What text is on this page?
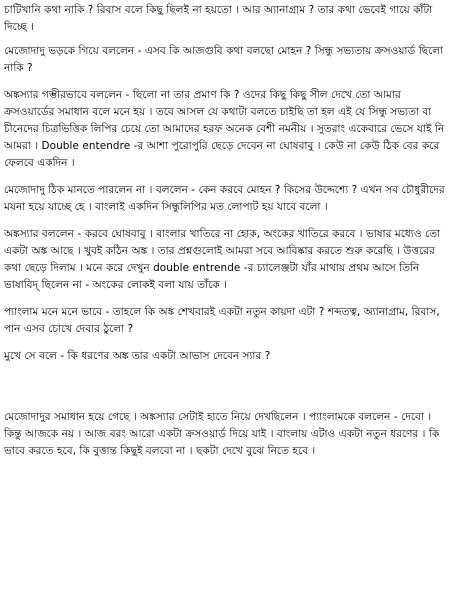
চাটিখানি কথা নাকি ? রিবাস বলে কিছু ছিলই না হয়তো । আর অ্যানাগ্রাম ? তার কথা ভেবেই গায়ে কাঁটা দিচ্ছে ।

মেজোদাদু ভড়কে গিয়ে বললেন - এসব কি আজগুবি কথা বলছো মোহন ? সিন্ধু সভ্যতায় ক্রসওয়ার্ড ছিলো নাকি ?

অঙ্কস্যার গম্ভীরভাবে বললেন - ছিলো না তার প্রমাণ কি ? ওদের কিছু কিছু সীল দেখে তো আমার ক্রসওয়ার্ডের সমাধান বলে মনে হয় । তবে আসল যে কথাটা বলতে চাইছি তা হল এই যে সিন্ধু সভ্যতা বা চীনেদের চিত্রভিত্তিক লিপির চেয়ে তো আমাদের হরফ অনেক বেশী নমনীয় । সুতরাং একেবারে ভেসে যাই নি আমরা । Double entendre -র আশা পুরোপুরি ছেড়ে দেবেন না ঘোষবাবু । কেউ না কেউ ঠিক বের করে ফেলবে একদিন ।

মেজোদাদু ঠিক মানতে পারলেন না । বললেন - কেন করবে মোহন ? কিসের উদ্দেশ্যে ? এখন সব চৌধুরীদের মযনা হয়ে যাচ্ছে হে । বাংলাই একদিন সিন্ধুলিপির মত লোপাট হয় যাবে বলো ।

অঙ্কস্যার বললেন - করবে ঘোষবাবু । বাংলার খাতিরে না হোক, অংকের খাতিরে করবে । ভাষার মধ্যেও তো একটা অঙ্ক আছে । খুবই কঠিন অঙ্ক । তার প্রশ্নগুলোই আমরা সবে আবিষ্কার করতে শুরু করেছি । উত্তরের কথা ছেড়ে দিলাম । মনে করে দেখুন double entrende -র চ্যালেঞ্জটা যাঁর মাথায় প্রথম আসে তিনি ভাষাবিদ্ ছিলেন না - অংকের লোকই বলা যায় তাঁকে ।

প্যাংলাম মনে মনে ভাবে - তাহলে কি অঙ্ক শেখবারই একটা নতুন কায়দা এটা ? শব্দতত্ব, অ্যানাগ্রাম, রিবাস, পান এসব চোখে দেবার ঠুলো ?

মুখে সে বলে - কি ধরণের অঙ্ক তার একটা আভাস দেবেন স্যার ?

মেজোদাদুর সমাধান হয়ে গেছে । অঙ্কস্যার সেটাই হাতে নিয়ে দেখছিলেন । প্যাংলামকে বললেন - দেবো । কিন্তু আজকে নয় । আজ বরং আরো একটা ক্রসওয়ার্ড দিয়ে যাই । বাংলায় এটাও একটা নতুন ধরণের । কি ভাবে করতে হবে, কি বুত্তান্ত কিছুই বলবো না । ছকটা দেখে বুঝে নিতে হবে ।
